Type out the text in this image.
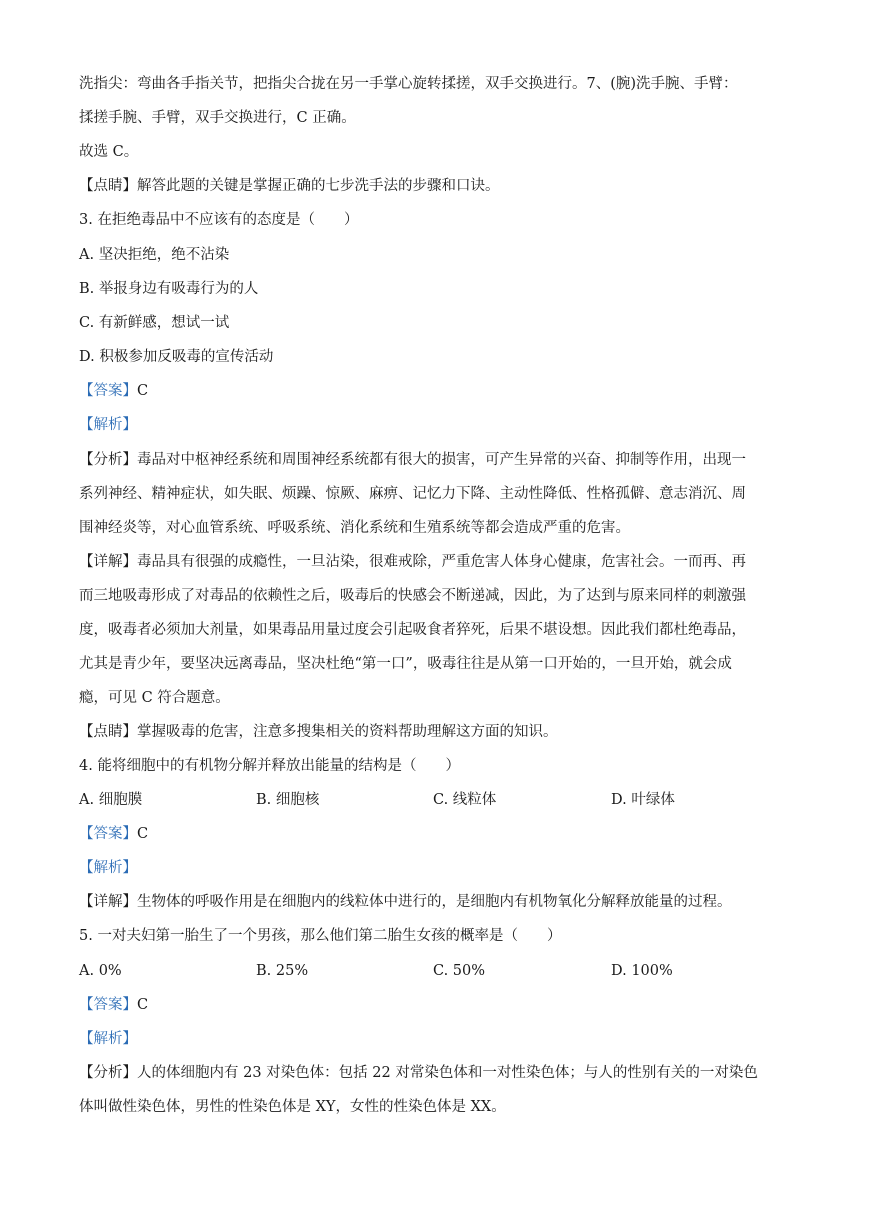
洗指尖：弯曲各手指关节，把指尖合拢在另一手掌心旋转揉搓，双手交换进行。7、(腕)洗手腕、手臂：
揉搓手腕、手臂，双手交换进行，C 正确。
故选 C。
【点睛】解答此题的关键是掌握正确的七步洗手法的步骤和口诀。
3. 在拒绝毒品中不应该有的态度是（　　）
A. 坚决拒绝，绝不沾染
B. 举报身边有吸毒行为的人
C. 有新鲜感，想试一试
D. 积极参加反吸毒的宣传活动
【答案】C
【解析】
【分析】毒品对中枢神经系统和周围神经系统都有很大的损害，可产生异常的兴奋、抑制等作用，出现一
系列神经、精神症状，如失眠、烦躁、惊厥、麻痹、记忆力下降、主动性降低、性格孤僻、意志消沉、周
围神经炎等，对心血管系统、呼吸系统、消化系统和生殖系统等都会造成严重的危害。
【详解】毒品具有很强的成瘾性，一旦沾染，很难戒除，严重危害人体身心健康，危害社会。一而再、再
而三地吸毒形成了对毒品的依赖性之后，吸毒后的快感会不断递减，因此，为了达到与原来同样的刺激强
度，吸毒者必须加大剂量，如果毒品用量过度会引起吸食者猝死，后果不堪设想。因此我们都杜绝毒品，
尤其是青少年，要坚决远离毒品，坚决杜绝“第一口”，吸毒往往是从第一口开始的，一旦开始，就会成
瘾，可见 C 符合题意。
【点睛】掌握吸毒的危害，注意多搜集相关的资料帮助理解这方面的知识。
4. 能将细胞中的有机物分解并释放出能量的结构是（　　）
A. 细胞膜	B. 细胞核	C. 线粒体	D. 叶绿体
【答案】C
【解析】
【详解】生物体的呼吸作用是在细胞内的线粒体中进行的，是细胞内有机物氧化分解释放能量的过程。
5. 一对夫妇第一胎生了一个男孩，那么他们第二胎生女孩的概率是（　　）
A. 0%	B. 25%	C. 50%	D. 100%
【答案】C
【解析】
【分析】人的体细胞内有 23 对染色体：包括 22 对常染色体和一对性染色体；与人的性别有关的一对染色
体叫做性染色体，男性的性染色体是 XY，女性的性染色体是 XX。
